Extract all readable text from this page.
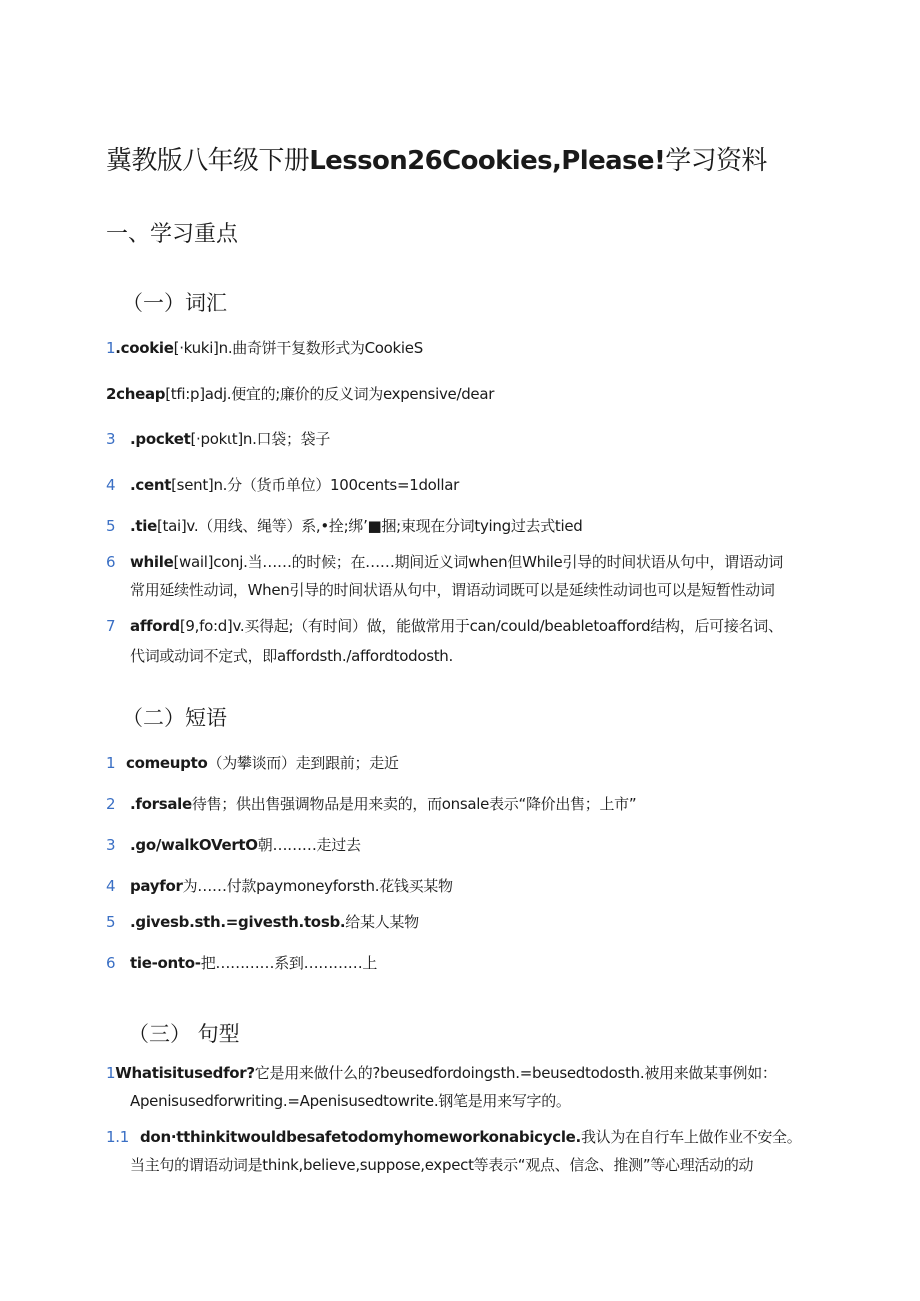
冀教版八年级下册Lesson26Cookies,Please!学习资料
一、学习重点
（一）词汇
1.cookie[·kuki]n.曲奇饼干复数形式为CookieS
2cheap[tfi:p]adj.便宜的;廉价的反义词为expensive/dear
3 .pocket[·pokιt]n.口袋；袋子
4 .cent[sent]n.分（货币单位）100cents=1dollar
5 .tie[tai]v.（用线、绳等）系,•拴;绑’■捆;束现在分词tying过去式tied
6 while[wail]conj.当……的时候；在……期间近义词when但While引导的时间状语从句中，谓语动词
常用延续性动词，When引导的时间状语从句中，谓语动词既可以是延续性动词也可以是短暂性动词
7 afford[9,fo:d]v.买得起;（有时间）做，能做常用于can∕could∕beabletoafford结构，后可接名词、
代词或动词不定式，即affordsth./affordtodosth.
（二）短语
1 comeupto（为攀谈而）走到跟前；走近
2 .forsale待售；供出售强调物品是用来卖的，而onsale表示“降价出售；上市”
3 .go/walkOVertO朝………走过去
4 payfor为……付款paymoneyforsth.花钱买某物
5 .givesb.sth.=givesth.tosb.给某人某物
6 tie-onto-把…………系到…………上
（三） 句型
1Whatisitusedfor?它是用来做什么的?beusedfordoingsth.=beusedtodosth.被用来做某事例如：
Apenisusedforwriting.=Apenisusedtowrite.钢笔是用来写字的。
1.1 don·tthinkitwouldbesafetodomyhomeworkonabicycle.我认为在自行车上做作业不安全。
当主句的谓语动词是think,believe,suppose,expect等表示“观点、信念、推测”等心理活动的动
